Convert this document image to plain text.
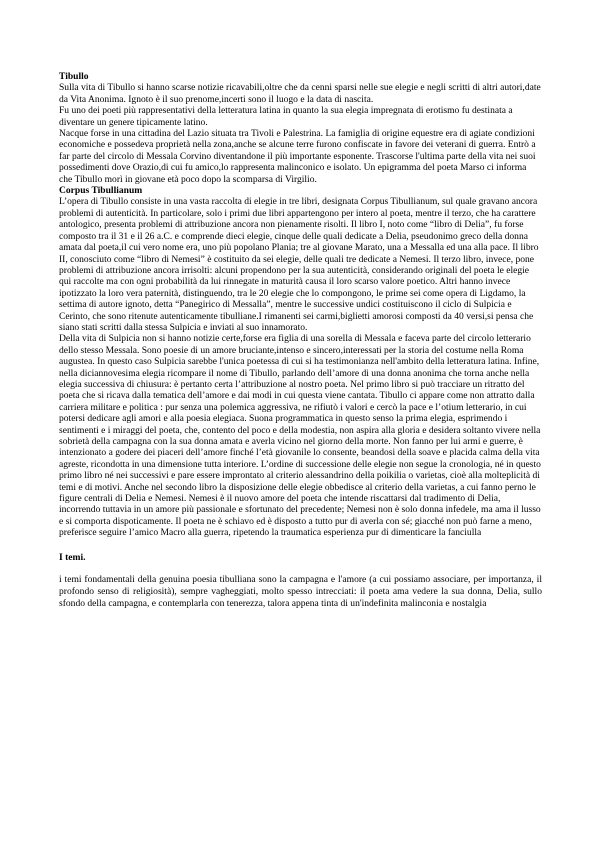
Tibullo

Sulla vita di Tibullo si hanno scarse notizie ricavabili,oltre che da cenni sparsi nelle sue elegie e negli scritti di altri autori,date da Vita Anonima. Ignoto è il suo prenome,incerti sono il luogo e la data di nascita.

Fu uno dei poeti più rappresentativi della letteratura latina in quanto la sua elegia impregnata di erotismo fu destinata a diventare un genere tipicamente latino.

Nacque forse in una cittadina del Lazio situata tra Tivoli e Palestrina. La famiglia di origine equestre era di agiate condizioni economiche e possedeva proprietà nella zona,anche se alcune terre furono confiscate in favore dei veterani di guerra. Entrò a far parte del circolo di Messala Corvino diventandone il più importante esponente. Trascorse l'ultima parte della vita nei suoi possedimenti dove Orazio,di cui fu amico,lo rappresenta malinconico e isolato. Un epigramma del poeta Marso ci informa che Tibullo morì in giovane età poco dopo la scomparsa di Virgilio.

Corpus Tibullianum

L’opera di Tibullo consiste in una vasta raccolta di elegie in tre libri, designata Corpus Tibullianum, sul quale gravano ancora problemi di autenticità. In particolare, solo i primi due libri appartengono per intero al poeta, mentre il terzo, che ha carattere antologico, presenta problemi di attribuzione ancora non pienamente risolti. Il libro I, noto come “libro di Delia”, fu forse composto tra il 31 e il 26 a.C. e comprende dieci elegie, cinque delle quali dedicate a Delia, pseudonimo greco della donna amata dal poeta,il cui vero nome era, uno più popolano Plania; tre al giovane Marato, una a Messalla ed una alla pace. Il libro II, conosciuto come “libro di Nemesi” è costituito da sei elegie, delle quali tre dedicate a Nemesi. Il terzo libro, invece, pone problemi di attribuzione ancora irrisolti: alcuni propendono per la sua autenticità, considerando originali del poeta le elegie qui raccolte ma con ogni probabilità da lui rinnegate in maturità causa il loro scarso valore poetico. Altri hanno invece ipotizzato la loro vera paternità, distinguendo, tra le 20 elegie che lo compongono, le prime sei come opera di Ligdamo, la settima di autore ignoto, detta “Panegirico di Messalla”, mentre le successive undici costituiscono il ciclo di Sulpicia e Cerinto, che sono ritenute autenticamente tibulliane.I rimanenti sei carmi,biglietti amorosi composti da 40 versi,si pensa che siano stati scritti dalla stessa Sulpicia e inviati al suo innamorato.

Della vita di Sulpicia non si hanno notizie certe,forse era figlia di una sorella di Messala e faceva parte del circolo letterario dello stesso Messala. Sono poesie di un amore bruciante,intenso e sincero,interessati per la storia del costume nella Roma augustea. In questo caso Sulpicia sarebbe l'unica poetessa di cui si ha testimonianza nell'ambito della letteratura latina. Infine, nella diciannovesima elegia ricompare il nome di Tibullo, parlando dell’amore di una donna anonima che torna anche nella elegia successiva di chiusura: è pertanto certa l’attribuzione al nostro poeta. Nel primo libro si può tracciare un ritratto del poeta che si ricava dalla tematica dell’amore e dai modi in cui questa viene cantata. Tibullo ci appare come non attratto dalla carriera militare e politica : pur senza una polemica aggressiva, ne rifiutò i valori e cercò la pace e l’otium letterario, in cui potersi dedicare agli amori e alla poesia elegiaca. Suona programmatica in questo senso la prima elegia, esprimendo i sentimenti e i miraggi del poeta, che, contento del poco e della modestia, non aspira alla gloria e desidera soltanto vivere nella sobrietà della campagna con la sua donna amata e averla vicino nel giorno della morte. Non fanno per lui armi e guerre, è intenzionato a godere dei piaceri dell’amore finché l’età giovanile lo consente, beandosi della soave e placida calma della vita agreste, ricondotta in una dimensione tutta interiore. L’ordine di successione delle elegie non segue la cronologia, né in questo primo libro né nei successivi e pare essere improntato al criterio alessandrino della poikilia o varietas, cioè alla molteplicità di temi e di motivi. Anche nel secondo libro la disposizione delle elegie obbedisce al criterio della varietas, a cui fanno perno le figure centrali di Delia e Nemesi. Nemesi è il nuovo amore del poeta che intende riscattarsi dal tradimento di Delia, incorrendo tuttavia in un amore più passionale e sfortunato del precedente; Nemesi non è solo donna infedele, ma ama il lusso e si comporta dispoticamente. Il poeta ne è schiavo ed è disposto a tutto pur di averla con sé; giacché non può farne a meno, preferisce seguire l’amico Macro alla guerra, ripetendo la traumatica esperienza pur di dimenticare la fanciulla

I temi.

i temi fondamentali della genuina poesia tibulliana sono la campagna e l'amore (a cui possiamo associare, per importanza, il profondo senso di religiosità), sempre vagheggiati, molto spesso intrecciati: il poeta ama vedere la sua donna, Delia, sullo sfondo della campagna, e contemplarla con tenerezza, talora appena tinta di un'indefinita malinconia e nostalgia
